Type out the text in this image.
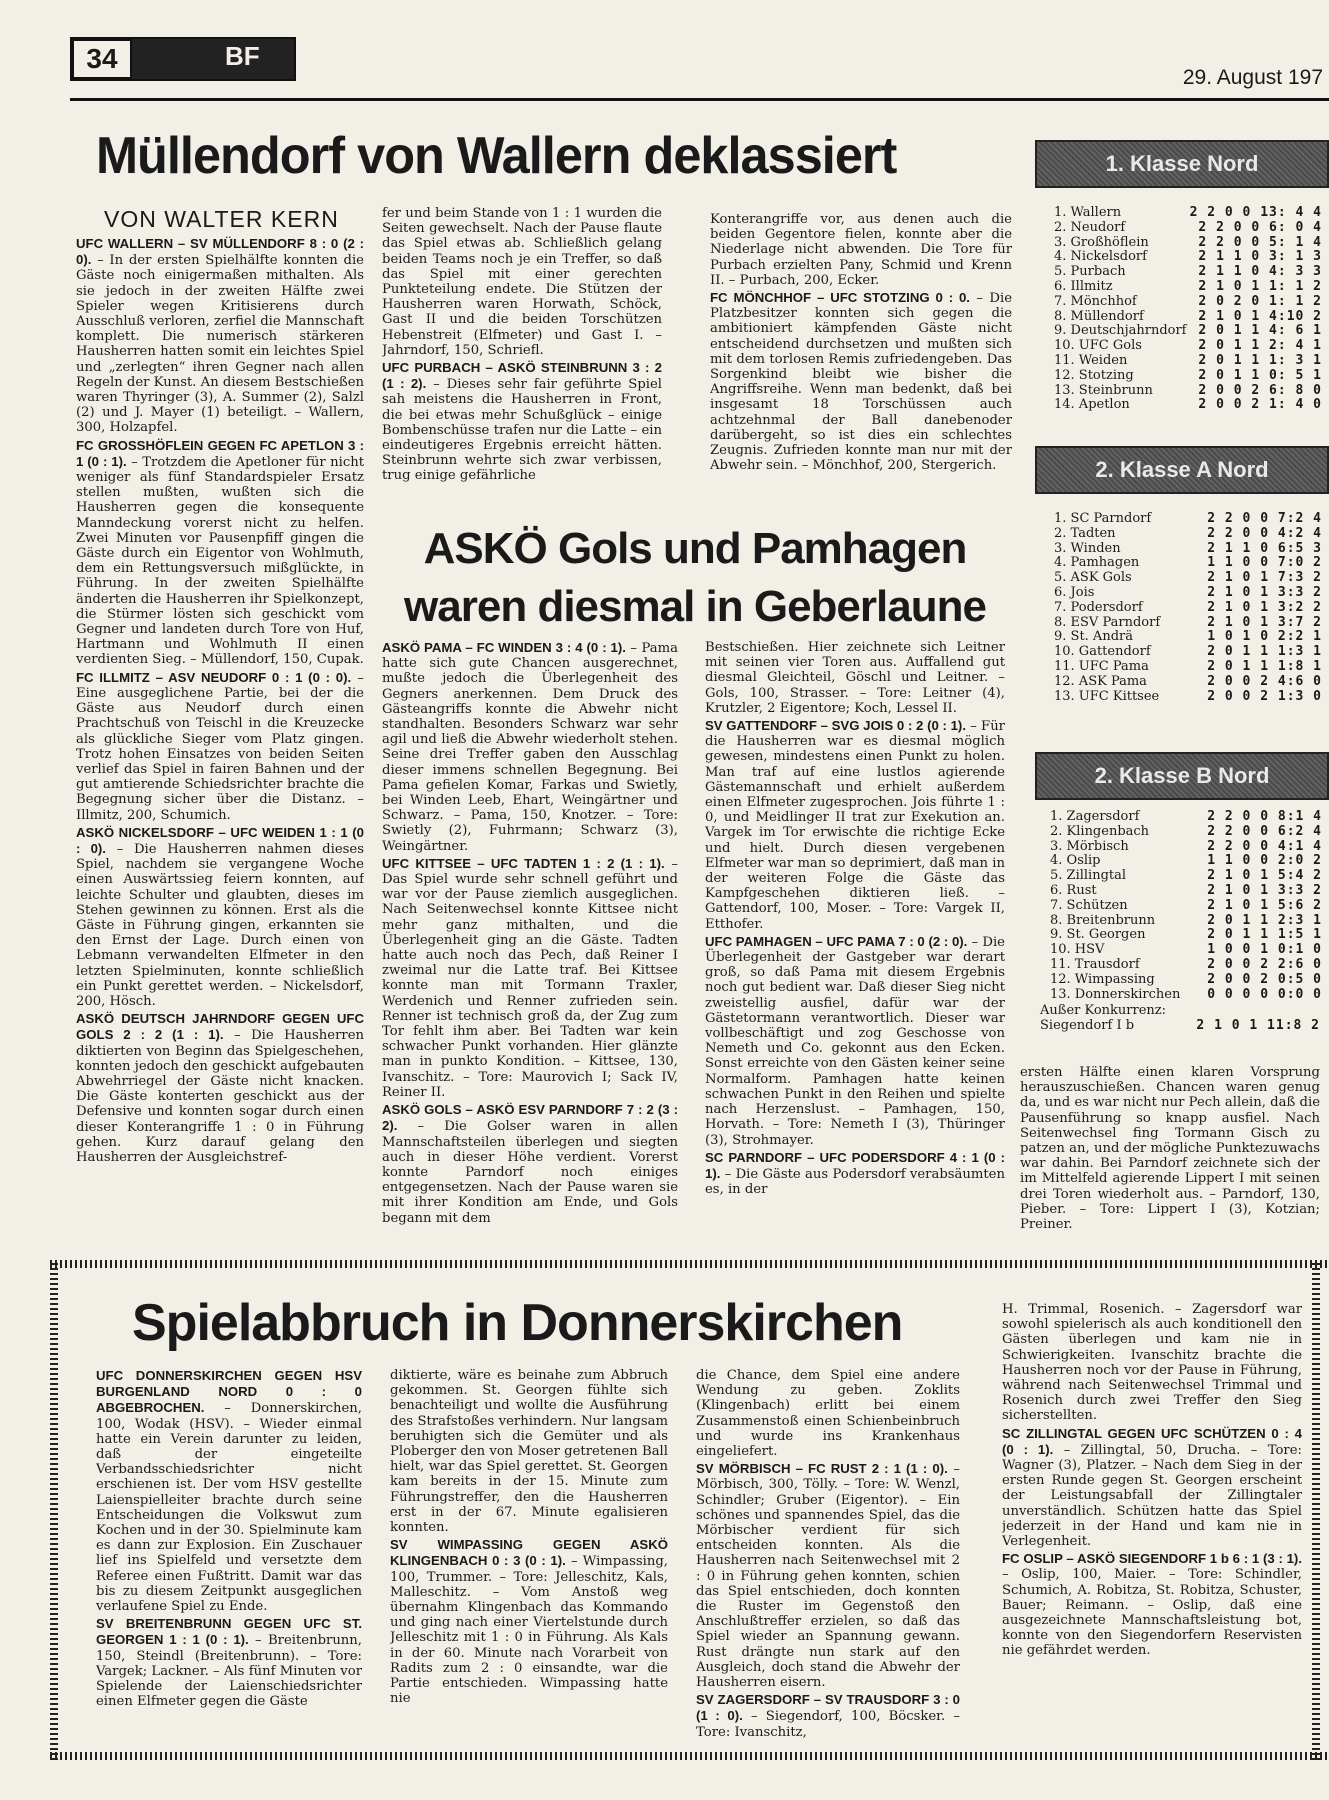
34	BF
29. August 197
Müllendorf von Wallern deklassiert
VON WALTER KERN

UFC WALLERN – SV MÜLLENDORF 8 : 0 (2 : 0). – In der ersten Spielhälfte konnten die Gäste noch einigermaßen mithalten. Als sie jedoch in der zweiten Hälfte zwei Spieler wegen Kritisierens durch Ausschluß verloren, zerfiel die Mannschaft komplett. Die numerisch stärkeren Hausherren hatten somit ein leichtes Spiel und „zerlegten“ ihren Gegner nach allen Regeln der Kunst. An diesem Bestschießen waren Thyringer (3), A. Summer (2), Salzl (2) und J. Mayer (1) beteiligt. – Wallern, 300, Holzapfel.

FC GROSSHÖFLEIN GEGEN FC APETLON 3 : 1 (0 : 1). – Trotzdem die Apetloner für nicht weniger als fünf Standardspieler Ersatz stellen mußten, wußten sich die Hausherren gegen die konsequente Manndeckung vorerst nicht zu helfen. Zwei Minuten vor Pausenpfiff gingen die Gäste durch ein Eigentor von Wohlmuth, dem ein Rettungsversuch mißglückte, in Führung. In der zweiten Spielhälfte änderten die Hausherren ihr Spielkonzept, die Stürmer lösten sich geschickt vom Gegner und landeten durch Tore von Huf, Hartmann und Wohlmuth II einen verdienten Sieg. – Müllendorf, 150, Cupak.

FC ILLMITZ – ASV NEUDORF 0 : 1 (0 : 0). – Eine ausgeglichene Partie, bei der die Gäste aus Neudorf durch einen Prachtschuß von Teischl in die Kreuzecke als glückliche Sieger vom Platz gingen. Trotz hohen Einsatzes von beiden Seiten verlief das Spiel in fairen Bahnen und der gut amtierende Schiedsrichter brachte die Begegnung sicher über die Distanz. – Illmitz, 200, Schumich.

ASKÖ NICKELSDORF – UFC WEIDEN 1 : 1 (0 : 0). – Die Hausherren nahmen dieses Spiel, nachdem sie vergangene Woche einen Auswärtssieg feiern konnten, auf leichte Schulter und glaubten, dieses im Stehen gewinnen zu können. Erst als die Gäste in Führung gingen, erkannten sie den Ernst der Lage. Durch einen von Lebmann verwandelten Elfmeter in den letzten Spielminuten, konnte schließlich ein Punkt gerettet werden. – Nickelsdorf, 200, Hösch.

ASKÖ DEUTSCH JAHRNDORF GEGEN UFC GOLS 2 : 2 (1 : 1). – Die Hausherren diktierten von Beginn das Spielgeschehen, konnten jedoch den geschickt aufgebauten Abwehrriegel der Gäste nicht knacken. Die Gäste konterten geschickt aus der Defensive und konnten sogar durch einen dieser Konterangriffe 1 : 0 in Führung gehen. Kurz darauf gelang den Hausherren der Ausgleichstref-

fer und beim Stande von 1 : 1 wurden die Seiten gewechselt. Nach der Pause flaute das Spiel etwas ab. Schließlich gelang beiden Teams noch je ein Treffer, so daß das Spiel mit einer gerechten Punkteteilung endete. Die Stützen der Hausherren waren Horwath, Schöck, Gast II und die beiden Torschützen Hebenstreit (Elfmeter) und Gast I. – Jahrndorf, 150, Schriefl.

UFC PURBACH – ASKÖ STEINBRUNN 3 : 2 (1 : 2). – Dieses sehr fair geführte Spiel sah meistens die Hausherren in Front, die bei etwas mehr Schußglück – einige Bombenschüsse trafen nur die Latte – ein eindeutigeres Ergebnis erreicht hätten. Steinbrunn wehrte sich zwar verbissen, trug einige gefährliche

Konterangriffe vor, aus denen auch die beiden Gegentore fielen, konnte aber die Niederlage nicht abwenden. Die Tore für Purbach erzielten Pany, Schmid und Krenn II. – Purbach, 200, Ecker.

FC MÖNCHHOF – UFC STOTZING 0 : 0. – Die Platzbesitzer konnten sich gegen die ambitioniert kämpfenden Gäste nicht entscheidend durchsetzen und mußten sich mit dem torlosen Remis zufriedengeben. Das Sorgenkind bleibt wie bisher die Angriffsreihe. Wenn man bedenkt, daß bei insgesamt 18 Torschüssen auch achtzehnmal der Ball danebenoder darübergeht, so ist dies ein schlechtes Zeugnis. Zufrieden konnte man nur mit der Abwehr sein. – Mönchhof, 200, Stergerich.

ASKÖ Gols und Pamhagen
waren diesmal in Geberlaune

ASKÖ PAMA – FC WINDEN 3 : 4 (0 : 1). – Pama hatte sich gute Chancen ausgerechnet, mußte jedoch die Überlegenheit des Gegners anerkennen. Dem Druck des Gästeangriffs konnte die Abwehr nicht standhalten. Besonders Schwarz war sehr agil und ließ die Abwehr wiederholt stehen. Seine drei Treffer gaben den Ausschlag dieser immens schnellen Begegnung. Bei Pama gefielen Komar, Farkas und Swietly, bei Winden Leeb, Ehart, Weingärtner und Schwarz. – Pama, 150, Knotzer. – Tore: Swietly (2), Fuhrmann; Schwarz (3), Weingärtner.

UFC KITTSEE – UFC TADTEN 1 : 2 (1 : 1). – Das Spiel wurde sehr schnell geführt und war vor der Pause ziemlich ausgeglichen. Nach Seitenwechsel konnte Kittsee nicht mehr ganz mithalten, und die Überlegenheit ging an die Gäste. Tadten hatte auch noch das Pech, daß Reiner I zweimal nur die Latte traf. Bei Kittsee konnte man mit Tormann Traxler, Werdenich und Renner zufrieden sein. Renner ist technisch groß da, der Zug zum Tor fehlt ihm aber. Bei Tadten war kein schwacher Punkt vorhanden. Hier glänzte man in punkto Kondition. – Kittsee, 130, Ivanschitz. – Tore: Maurovich I; Sack IV, Reiner II.

ASKÖ GOLS – ASKÖ ESV PARNDORF 7 : 2 (3 : 2). – Die Golser waren in allen Mannschaftsteilen überlegen und siegten auch in dieser Höhe verdient. Vorerst konnte Parndorf noch einiges entgegensetzen. Nach der Pause waren sie mit ihrer Kondition am Ende, und Gols begann mit dem

Bestschießen. Hier zeichnete sich Leitner mit seinen vier Toren aus. Auffallend gut diesmal Gleichteil, Göschl und Leitner. – Gols, 100, Strasser. – Tore: Leitner (4), Krutzler, 2 Eigentore; Koch, Lessel II.

SV GATTENDORF – SVG JOIS 0 : 2 (0 : 1). – Für die Hausherren war es diesmal möglich gewesen, mindestens einen Punkt zu holen. Man traf auf eine lustlos agierende Gästemannschaft und erhielt außerdem einen Elfmeter zugesprochen. Jois führte 1 : 0, und Meidlinger II trat zur Exekution an. Vargek im Tor erwischte die richtige Ecke und hielt. Durch diesen vergebenen Elfmeter war man so deprimiert, daß man in der weiteren Folge die Gäste das Kampfgeschehen diktieren ließ. – Gattendorf, 100, Moser. – Tore: Vargek II, Etthofer.

UFC PAMHAGEN – UFC PAMA 7 : 0 (2 : 0). – Die Überlegenheit der Gastgeber war derart groß, so daß Pama mit diesem Ergebnis noch gut bedient war. Daß dieser Sieg nicht zweistellig ausfiel, dafür war der Gästetormann verantwortlich. Dieser war vollbeschäftigt und zog Geschosse von Nemeth und Co. gekonnt aus den Ecken. Sonst erreichte von den Gästen keiner seine Normalform. Pamhagen hatte keinen schwachen Punkt in den Reihen und spielte nach Herzenslust. – Pamhagen, 150, Horvath. – Tore: Nemeth I (3), Thüringer (3), Strohmayer.

SC PARNDORF – UFC PODERSDORF 4 : 1 (0 : 1). – Die Gäste aus Podersdorf verabsäumten es, in der

ersten Hälfte einen klaren Vorsprung herauszuschießen. Chancen waren genug da, und es war nicht nur Pech allein, daß die Pausenführung so knapp ausfiel. Nach Seitenwechsel fing Tormann Gisch zu patzen an, und der mögliche Punktezuwachs war dahin. Bei Parndorf zeichnete sich der im Mittelfeld agierende Lippert I mit seinen drei Toren wiederholt aus. – Parndorf, 130, Pieber. – Tore: Lippert I (3), Kotzian; Preiner.

1. Klasse Nord
1. Wallern	2 2 0 0 13: 4 4
2. Neudorf	2 2 0 0 6: 0 4
3. Großhöflein	2 2 0 0 5: 1 4
4. Nickelsdorf	2 1 1 0 3: 1 3
5. Purbach	2 1 1 0 4: 3 3
6. Illmitz	2 1 0 1 1: 1 2
7. Mönchhof	2 0 2 0 1: 1 2
8. Müllendorf	2 1 0 1 4:10 2
9. Deutschjahrndorf 2 0 1 1 4: 6 1
10. UFC Gols	2 0 1 1 2: 4 1
11. Weiden	2 0 1 1 1: 3 1
12. Stotzing	2 0 1 1 0: 5 1
13. Steinbrunn	2 0 0 2 6: 8 0
14. Apetlon	2 0 0 2 1: 4 0
2. Klasse A Nord
1. SC Parndorf	2 2 0 0 7:2 4
2. Tadten	2 2 0 0 4:2 4
3. Winden	2 1 1 0 6:5 3
4. Pamhagen	1 1 0 0 7:0 2
5. ASK Gols	2 1 0 1 7:3 2
6. Jois	2 1 0 1 3:3 2
7. Podersdorf	2 1 0 1 3:2 2
8. ESV Parndorf	2 1 0 1 3:7 2
9. St. Andrä	1 0 1 0 2:2 1
10. Gattendorf	2 0 1 1 1:3 1
11. UFC Pama	2 0 1 1 1:8 1
12. ASK Pama	2 0 0 2 4:6 0
13. UFC Kittsee	2 0 0 2 1:3 0
2. Klasse B Nord
1. Zagersdorf	2 2 0 0 8:1 4
2. Klingenbach	2 2 0 0 6:2 4
3. Mörbisch	2 2 0 0 4:1 4
4. Oslip	1 1 0 0 2:0 2
5. Zillingtal	2 1 0 1 5:4 2
6. Rust	2 1 0 1 3:3 2
7. Schützen	2 1 0 1 5:6 2
8. Breitenbrunn	2 0 1 1 2:3 1
9. St. Georgen	2 0 1 1 1:5 1
10. HSV	1 0 0 1 0:1 0
11. Trausdorf	2 0 0 2 2:6 0
12. Wimpassing	2 0 0 2 0:5 0
13. Donnerskirchen	0 0 0 0 0:0 0
Außer Konkurrenz:
Siegendorf I b	2 1 0 1 11:8 2
Spielabbruch in Donnerskirchen

UFC DONNERSKIRCHEN GEGEN HSV BURGENLAND NORD 0 : 0 ABGEBROCHEN. – Donnerskirchen, 100, Wodak (HSV). – Wieder einmal hatte ein Verein darunter zu leiden, daß der eingeteilte Verbandsschiedsrichter nicht erschienen ist. Der vom HSV gestellte Laienspielleiter brachte durch seine Entscheidungen die Volkswut zum Kochen und in der 30. Spielminute kam es dann zur Explosion. Ein Zuschauer lief ins Spielfeld und versetzte dem Referee einen Fußtritt. Damit war das bis zu diesem Zeitpunkt ausgeglichen verlaufene Spiel zu Ende.

SV BREITENBRUNN GEGEN UFC ST. GEORGEN 1 : 1 (0 : 1). – Breitenbrunn, 150, Steindl (Breitenbrunn). – Tore: Vargek; Lackner. – Als fünf Minuten vor Spielende der Laienschiedsrichter einen Elfmeter gegen die Gäste

diktierte, wäre es beinahe zum Abbruch gekommen. St. Georgen fühlte sich benachteiligt und wollte die Ausführung des Strafstoßes verhindern. Nur langsam beruhigten sich die Gemüter und als Ploberger den von Moser getretenen Ball hielt, war das Spiel gerettet. St. Georgen kam bereits in der 15. Minute zum Führungstreffer, den die Hausherren erst in der 67. Minute egalisieren konnten.

SV WIMPASSING GEGEN ASKÖ KLINGENBACH 0 : 3 (0 : 1). – Wimpassing, 100, Trummer. – Tore: Jelleschitz, Kals, Malleschitz. – Vom Anstoß weg übernahm Klingenbach das Kommando und ging nach einer Viertelstunde durch Jelleschitz mit 1 : 0 in Führung. Als Kals in der 60. Minute nach Vorarbeit von Radits zum 2 : 0 einsandte, war die Partie entschieden. Wimpassing hatte nie

die Chance, dem Spiel eine andere Wendung zu geben. Zoklits (Klingenbach) erlitt bei einem Zusammenstoß einen Schienbeinbruch und wurde ins Krankenhaus eingeliefert.

SV MÖRBISCH – FC RUST 2 : 1 (1 : 0). – Mörbisch, 300, Tölly. – Tore: W. Wenzl, Schindler; Gruber (Eigentor). – Ein schönes und spannendes Spiel, das die Mörbischer verdient für sich entscheiden konnten. Als die Hausherren nach Seitenwechsel mit 2 : 0 in Führung gehen konnten, schien das Spiel entschieden, doch konnten die Ruster im Gegenstoß den Anschlußtreffer erzielen, so daß das Spiel wieder an Spannung gewann. Rust drängte nun stark auf den Ausgleich, doch stand die Abwehr der Hausherren eisern.

SV ZAGERSDORF – SV TRAUSDORF 3 : 0 (1 : 0). – Siegendorf, 100, Böcsker. – Tore: Ivanschitz,

H. Trimmal, Rosenich. – Zagersdorf war sowohl spielerisch als auch konditionell den Gästen überlegen und kam nie in Schwierigkeiten. Ivanschitz brachte die Hausherren noch vor der Pause in Führung, während nach Seitenwechsel Trimmal und Rosenich durch zwei Treffer den Sieg sicherstellten.

SC ZILLINGTAL GEGEN UFC SCHÜTZEN 0 : 4 (0 : 1). – Zillingtal, 50, Drucha. – Tore: Wagner (3), Platzer. – Nach dem Sieg in der ersten Runde gegen St. Georgen erscheint der Leistungsabfall der Zillingtaler unverständlich. Schützen hatte das Spiel jederzeit in der Hand und kam nie in Verlegenheit.

FC OSLIP – ASKÖ SIEGENDORF 1 b 6 : 1 (3 : 1). – Oslip, 100, Maier. – Tore: Schindler, Schumich, A. Robitza, St. Robitza, Schuster, Bauer; Reimann. – Oslip, daß eine ausgezeichnete Mannschaftsleistung bot, konnte von den Siegendorfern Reservisten nie gefährdet werden.
